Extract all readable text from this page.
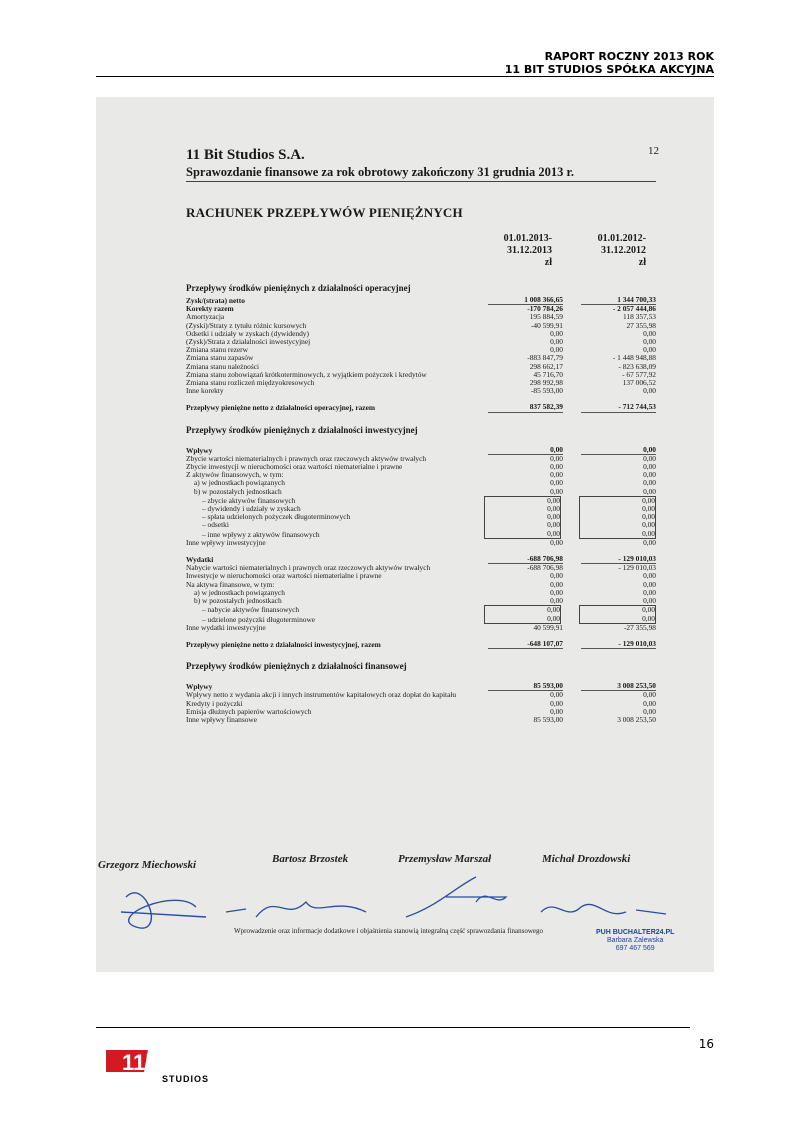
RAPORT ROCZNY 2013 ROK
11 BIT STUDIOS SPÓŁKA AKCYJNA
11 Bit Studios S.A.
Sprawozdanie finansowe za rok obrotowy zakończony 31 grudnia 2013 r.
12
RACHUNEK PRZEPŁYWÓW PIENIĘŻNYCH
01.01.2013-
31.12.2013
zł
01.01.2012-
31.12.2012
zł
Przepływy środków pieniężnych z działalności operacyjnej
Zysk/(strata) netto	1 008 366,65	1 344 700,33
Korekty razem	-170 784,26	- 2 057 444,86
Amortyzacja	195 884,59	118 357,53
(Zyski)/Straty z tytułu różnic kursowych	-40 599,91	27 355,98
Odsetki i udziały w zyskach (dywidendy)	0,00	0,00
(Zysk)/Strata z działalności inwestycyjnej	0,00	0,00
Zmiana stanu rezerw	0,00	0,00
Zmiana stanu zapasów	-883 847,79	- 1 448 948,88
Zmiana stanu należności	298 662,17	- 823 638,09
Zmiana stanu zobowiązań krótkoterminowych, z wyjątkiem pożyczek i kredytów	45 716,70	- 67 577,92
Zmiana stanu rozliczeń międzyokresowych	298 992,98	137 006,52
Inne korekty	-85 593,00	0,00
Przepływy pieniężne netto z działalności operacyjnej, razem	837 582,39	- 712 744,53
Przepływy środków pieniężnych z działalności inwestycyjnej
Wpływy	0,00	0,00
Zbycie wartości niematerialnych i prawnych oraz rzeczowych aktywów trwałych	0,00	0,00
Zbycie inwestycji w nieruchomości oraz wartości niematerialne i prawne	0,00	0,00
Z aktywów finansowych, w tym:	0,00	0,00
a) w jednostkach powiązanych	0,00	0,00
b) w pozostałych jednostkach	0,00	0,00
– zbycie aktywów finansowych	0,00	0,00
– dywidendy i udziały w zyskach	0,00	0,00
– spłata udzielonych pożyczek długoterminowych	0,00	0,00
– odsetki	0,00	0,00
– inne wpływy z aktywów finansowych	0,00	0,00
Inne wpływy inwestycyjne	0,00	0,00
Wydatki	-688 706,98	- 129 010,03
Nabycie wartości niematerialnych i prawnych oraz rzeczowych aktywów trwałych	-688 706,98	- 129 010,03
Inwestycje w nieruchomości oraz wartości niematerialne i prawne	0,00	0,00
Na aktywa finansowe, w tym:	0,00	0,00
a) w jednostkach powiązanych	0,00	0,00
b) w pozostałych jednostkach	0,00	0,00
– nabycie aktywów finansowych	0,00	0,00
– udzielone pożyczki długoterminowe	0,00	0,00
Inne wydatki inwestycyjne	40 599,91	-27 355,98
Przepływy pieniężne netto z działalności inwestycyjnej, razem	-648 107,07	- 129 010,03
Przepływy środków pieniężnych z działalności finansowej
Wpływy	85 593,00	3 008 253,50
Wpływy netto z wydania akcji i innych instrumentów kapitałowych oraz dopłat do kapitału	0,00	0,00
Kredyty i pożyczki	0,00	0,00
Emisja dłużnych papierów wartościowych	0,00	0,00
Inne wpływy finansowe	85 593,00	3 008 253,50
Grzegorz Miechowski	Bartosz Brzostek	Przemysław Marszał	Michał Drozdowski
Wprowadzenie oraz informacje dodatkowe i objaśnienia stanowią integralną część sprawozdania finansowego	PUH BUCHALTER24.PL
Barbara Zalewska
697 467 569
16
11bit
STUDIOS
